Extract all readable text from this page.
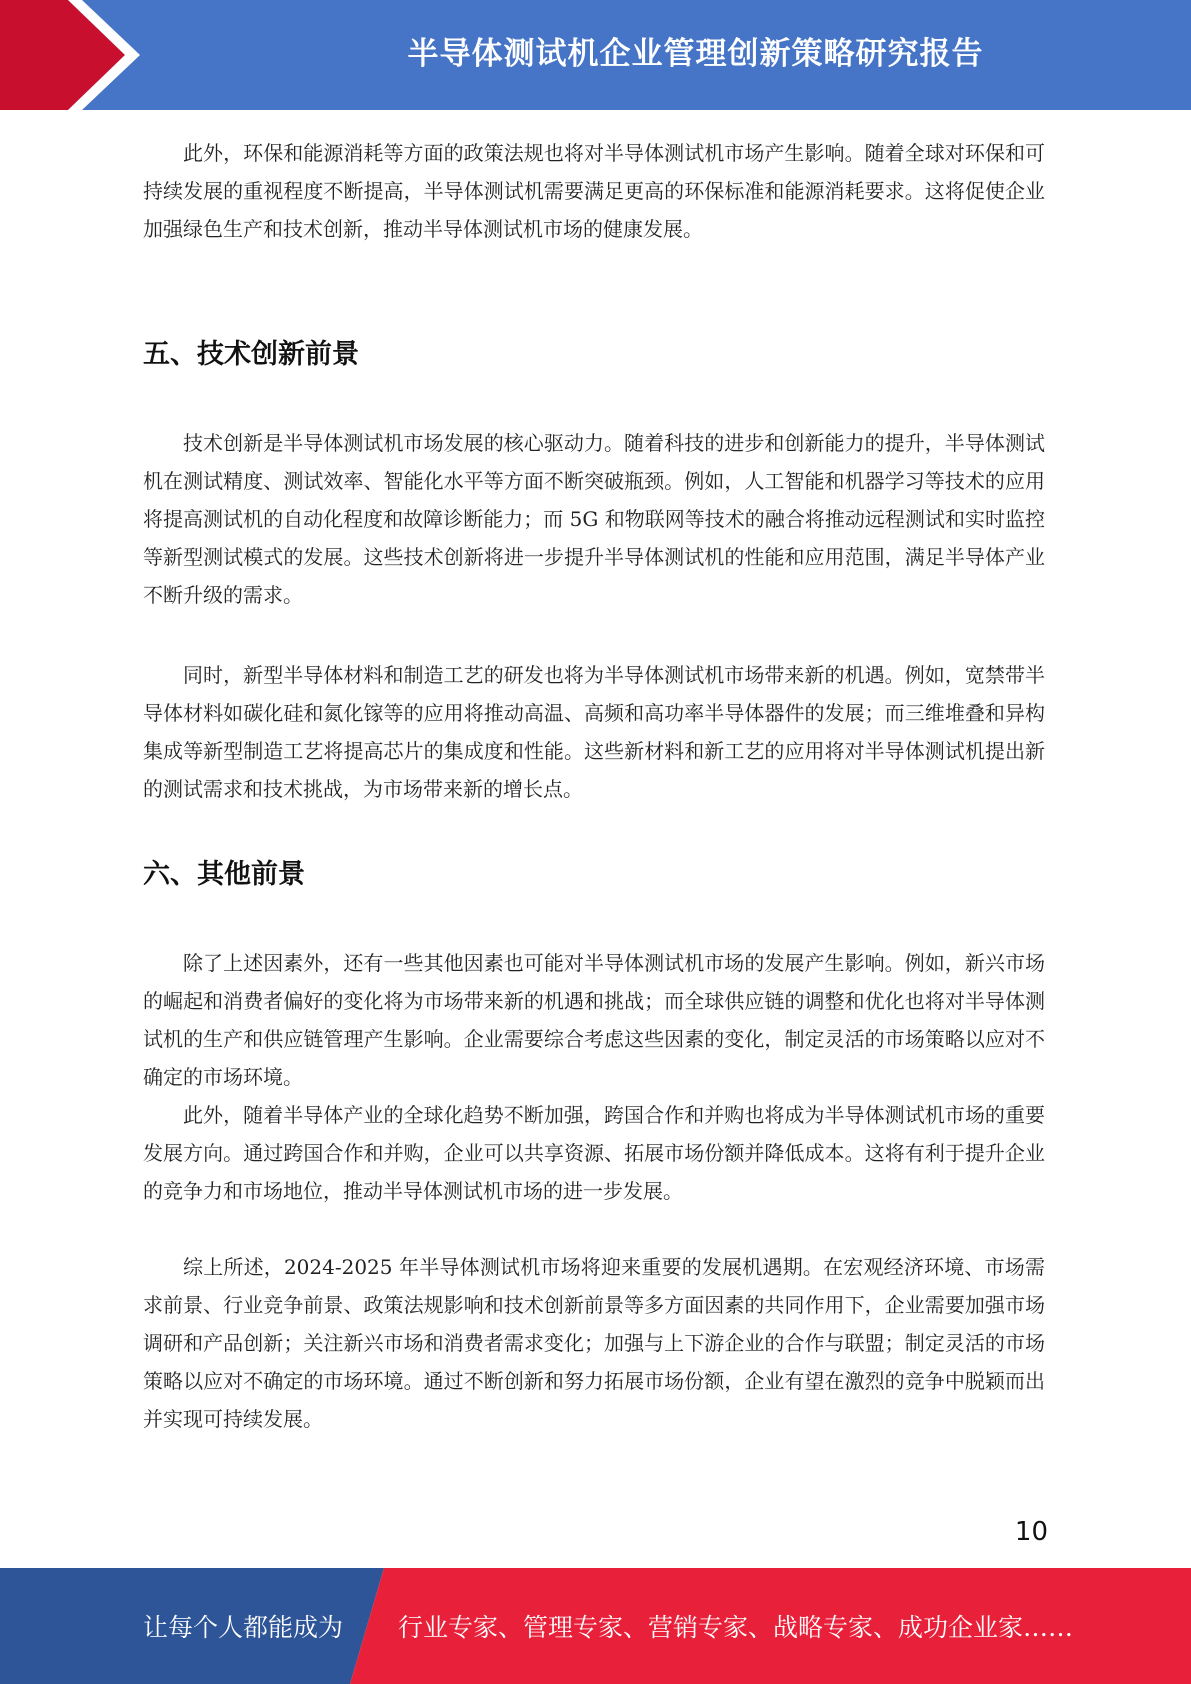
半导体测试机企业管理创新策略研究报告

此外，环保和能源消耗等方面的政策法规也将对半导体测试机市场产生影响。随着全球对环保和可持续发展的重视程度不断提高，半导体测试机需要满足更高的环保标准和能源消耗要求。这将促使企业加强绿色生产和技术创新，推动半导体测试机市场的健康发展。

五、技术创新前景

技术创新是半导体测试机市场发展的核心驱动力。随着科技的进步和创新能力的提升，半导体测试机在测试精度、测试效率、智能化水平等方面不断突破瓶颈。例如，人工智能和机器学习等技术的应用将提高测试机的自动化程度和故障诊断能力；而 5G 和物联网等技术的融合将推动远程测试和实时监控等新型测试模式的发展。这些技术创新将进一步提升半导体测试机的性能和应用范围，满足半导体产业不断升级的需求。

同时，新型半导体材料和制造工艺的研发也将为半导体测试机市场带来新的机遇。例如，宽禁带半导体材料如碳化硅和氮化镓等的应用将推动高温、高频和高功率半导体器件的发展；而三维堆叠和异构集成等新型制造工艺将提高芯片的集成度和性能。这些新材料和新工艺的应用将对半导体测试机提出新的测试需求和技术挑战，为市场带来新的增长点。

六、其他前景

除了上述因素外，还有一些其他因素也可能对半导体测试机市场的发展产生影响。例如，新兴市场的崛起和消费者偏好的变化将为市场带来新的机遇和挑战；而全球供应链的调整和优化也将对半导体测试机的生产和供应链管理产生影响。企业需要综合考虑这些因素的变化，制定灵活的市场策略以应对不确定的市场环境。

此外，随着半导体产业的全球化趋势不断加强，跨国合作和并购也将成为半导体测试机市场的重要发展方向。通过跨国合作和并购，企业可以共享资源、拓展市场份额并降低成本。这将有利于提升企业的竞争力和市场地位，推动半导体测试机市场的进一步发展。

综上所述，2024-2025 年半导体测试机市场将迎来重要的发展机遇期。在宏观经济环境、市场需求前景、行业竞争前景、政策法规影响和技术创新前景等多方面因素的共同作用下，企业需要加强市场调研和产品创新；关注新兴市场和消费者需求变化；加强与上下游企业的合作与联盟；制定灵活的市场策略以应对不确定的市场环境。通过不断创新和努力拓展市场份额，企业有望在激烈的竞争中脱颖而出并实现可持续发展。

10
让每个人都能成为 行业专家、管理专家、营销专家、战略专家、成功企业家……
